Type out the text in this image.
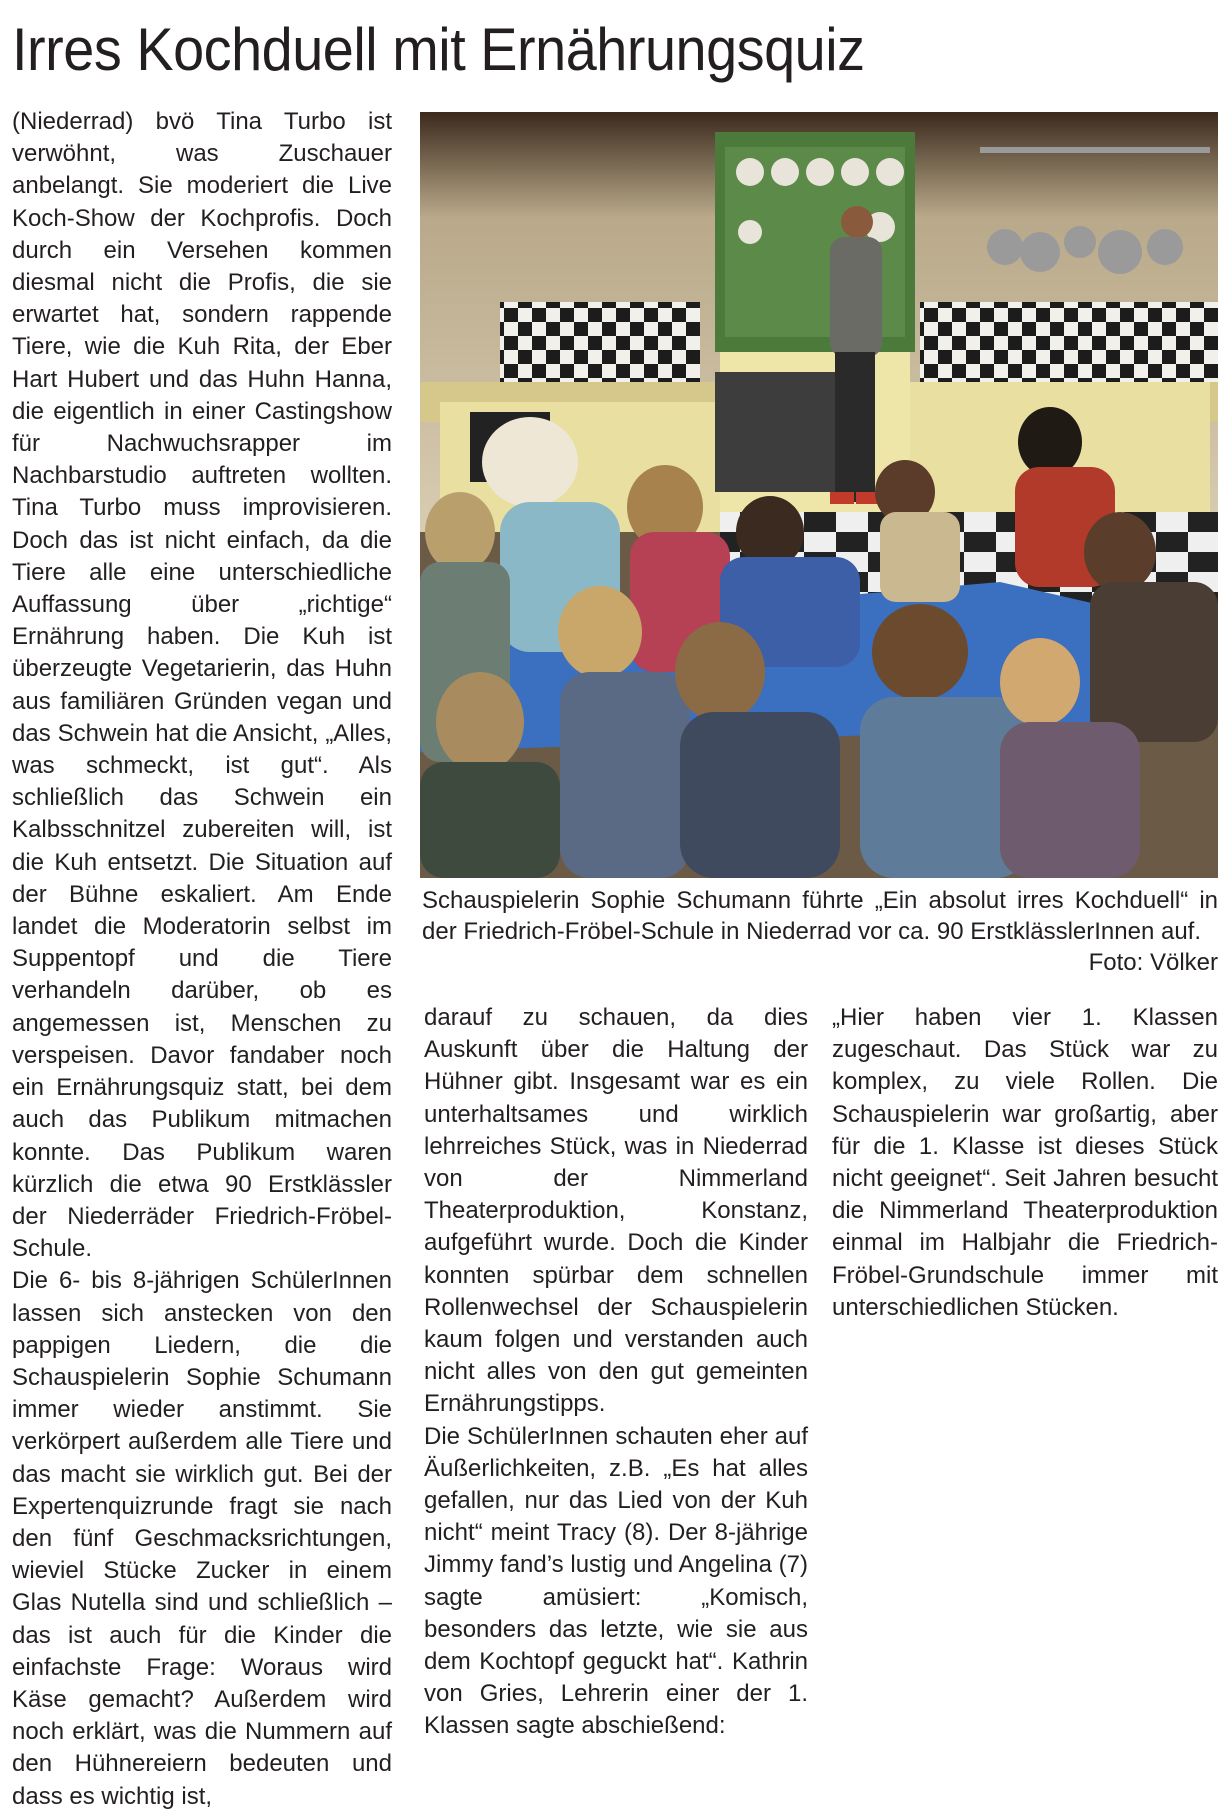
Irres Kochduell mit Ernährungsquiz

(Niederrad) bvö Tina Turbo ist verwöhnt, was Zuschauer anbelangt. Sie moderiert die Live Koch-Show der Kochprofis. Doch durch ein Versehen kommen diesmal nicht die Profis, die sie erwartet hat, sondern rappende Tiere, wie die Kuh Rita, der Eber Hart Hubert und das Huhn Hanna, die eigentlich in einer Castingshow für Nachwuchsrapper im Nachbarstudio auftreten wollten. Tina Turbo muss improvisieren. Doch das ist nicht einfach, da die Tiere alle eine unterschiedliche Auffassung über „richtige“ Ernährung haben. Die Kuh ist überzeugte Vegetarierin, das Huhn aus familiären Gründen vegan und das Schwein hat die Ansicht, „Alles, was schmeckt, ist gut“. Als schließlich das Schwein ein Kalbsschnitzel zubereiten will, ist die Kuh entsetzt. Die Situation auf der Bühne eskaliert. Am Ende landet die Moderatorin selbst im Suppentopf und die Tiere verhandeln darüber, ob es angemessen ist, Menschen zu verspeisen. Davor fandaber noch ein Ernährungsquiz statt, bei dem auch das Publikum mitmachen konnte. Das Publikum waren kürzlich die etwa 90 Erstklässler der Niederräder Friedrich-Fröbel-Schule.

Die 6- bis 8-jährigen SchülerInnen lassen sich anstecken von den pappigen Liedern, die die Schauspielerin Sophie Schumann immer wieder anstimmt. Sie verkörpert außerdem alle Tiere und das macht sie wirklich gut. Bei der Expertenquizrunde fragt sie nach den fünf Geschmacksrichtungen, wieviel Stücke Zucker in einem Glas Nutella sind und schließlich – das ist auch für die Kinder die einfachste Frage: Woraus wird Käse gemacht? Außerdem wird noch erklärt, was die Nummern auf den Hühnereiern bedeuten und dass es wichtig ist,

Schauspielerin Sophie Schumann führte „Ein absolut irres Kochduell“ in der Friedrich-Fröbel-Schule in Niederrad vor ca. 90 ErstklässlerInnen auf.

Foto: Völker

darauf zu schauen, da dies Auskunft über die Haltung der Hühner gibt. Insgesamt war es ein unterhaltsames und wirklich lehrreiches Stück, was in Niederrad von der Nimmerland Theaterproduktion, Konstanz, aufgeführt wurde. Doch die Kinder konnten spürbar dem schnellen Rollenwechsel der Schauspielerin kaum folgen und verstanden auch nicht alles von den gut gemeinten Ernährungstipps.

Die SchülerInnen schauten eher auf Äußerlichkeiten, z.B. „Es hat alles gefallen, nur das Lied von der Kuh nicht“ meint Tracy (8). Der 8-jährige Jimmy fand’s lustig und Angelina (7) sagte amüsiert: „Komisch, besonders das letzte, wie sie aus dem Kochtopf geguckt hat“. Kathrin von Gries, Lehrerin einer der 1. Klassen sagte abschießend:

„Hier haben vier 1. Klassen zugeschaut. Das Stück war zu komplex, zu viele Rollen. Die Schauspielerin war großartig, aber für die 1. Klasse ist dieses Stück nicht geeignet“. Seit Jahren besucht die Nimmerland Theaterproduktion einmal im Halbjahr die Friedrich-Fröbel-Grundschule immer mit unterschiedlichen Stücken.
